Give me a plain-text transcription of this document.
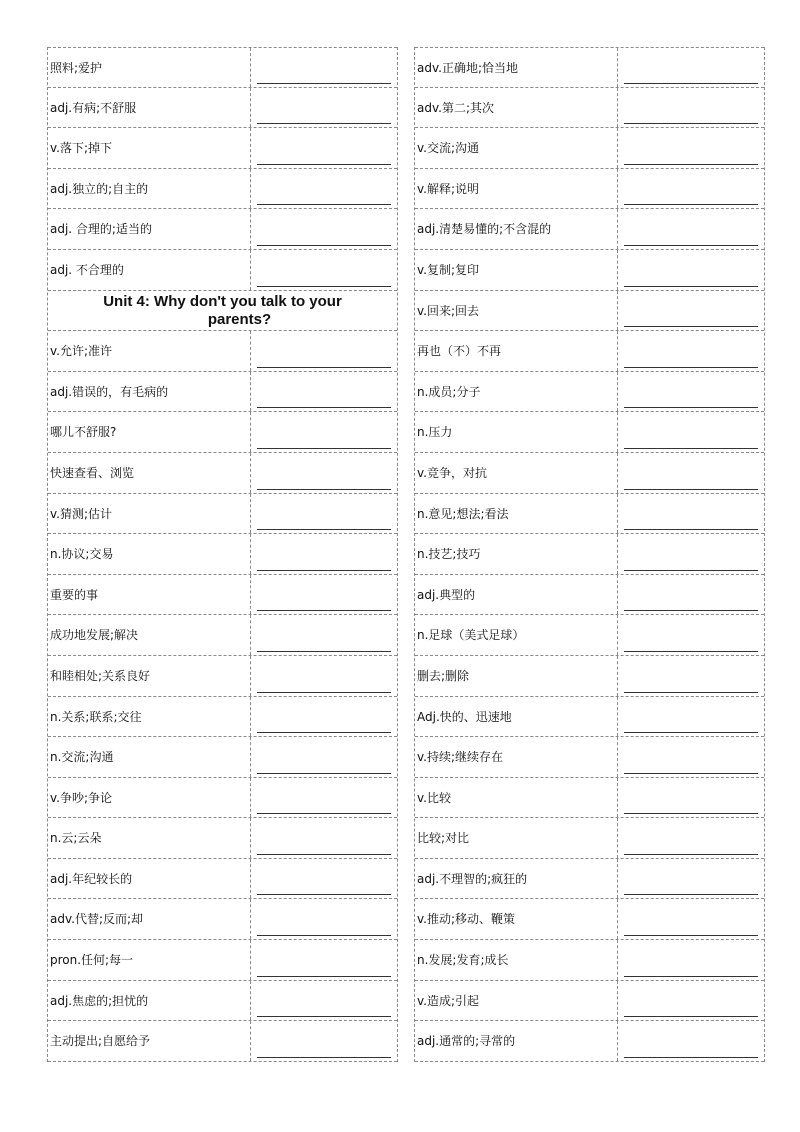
照料;爱护
adj.有病;不舒服
v.落下;掉下
adj.独立的;自主的
adj. 合理的;适当的
adj. 不合理的
Unit 4: Why don't you talk to your
parents?
v.允许;准许
adj.错误的，有毛病的
哪儿不舒服?
快速查看、浏览
v.猜测;估计
n.协议;交易
重要的事
成功地发展;解决
和睦相处;关系良好
n.关系;联系;交往
n.交流;沟通
v.争吵;争论
n.云;云朵
adj.年纪较长的
adv.代替;反而;却
pron.任何;每一
adj.焦虑的;担忧的
主动提出;自愿给予
adv.正确地;恰当地
adv.第二;其次
v.交流;沟通
v.解释;说明
adj.清楚易懂的;不含混的
v.复制;复印
v.回来;回去
再也（不）不再
n.成员;分子
n.压力
v.竞争，对抗
n.意见;想法;看法
n.技艺;技巧
adj.典型的
n.足球（美式足球）
删去;删除
Adj.快的、迅速地
v.持续;继续存在
v.比较
比较;对比
adj.不理智的;疯狂的
v.推动;移动、鞭策
n.发展;发育;成长
v.造成;引起
adj.通常的;寻常的
